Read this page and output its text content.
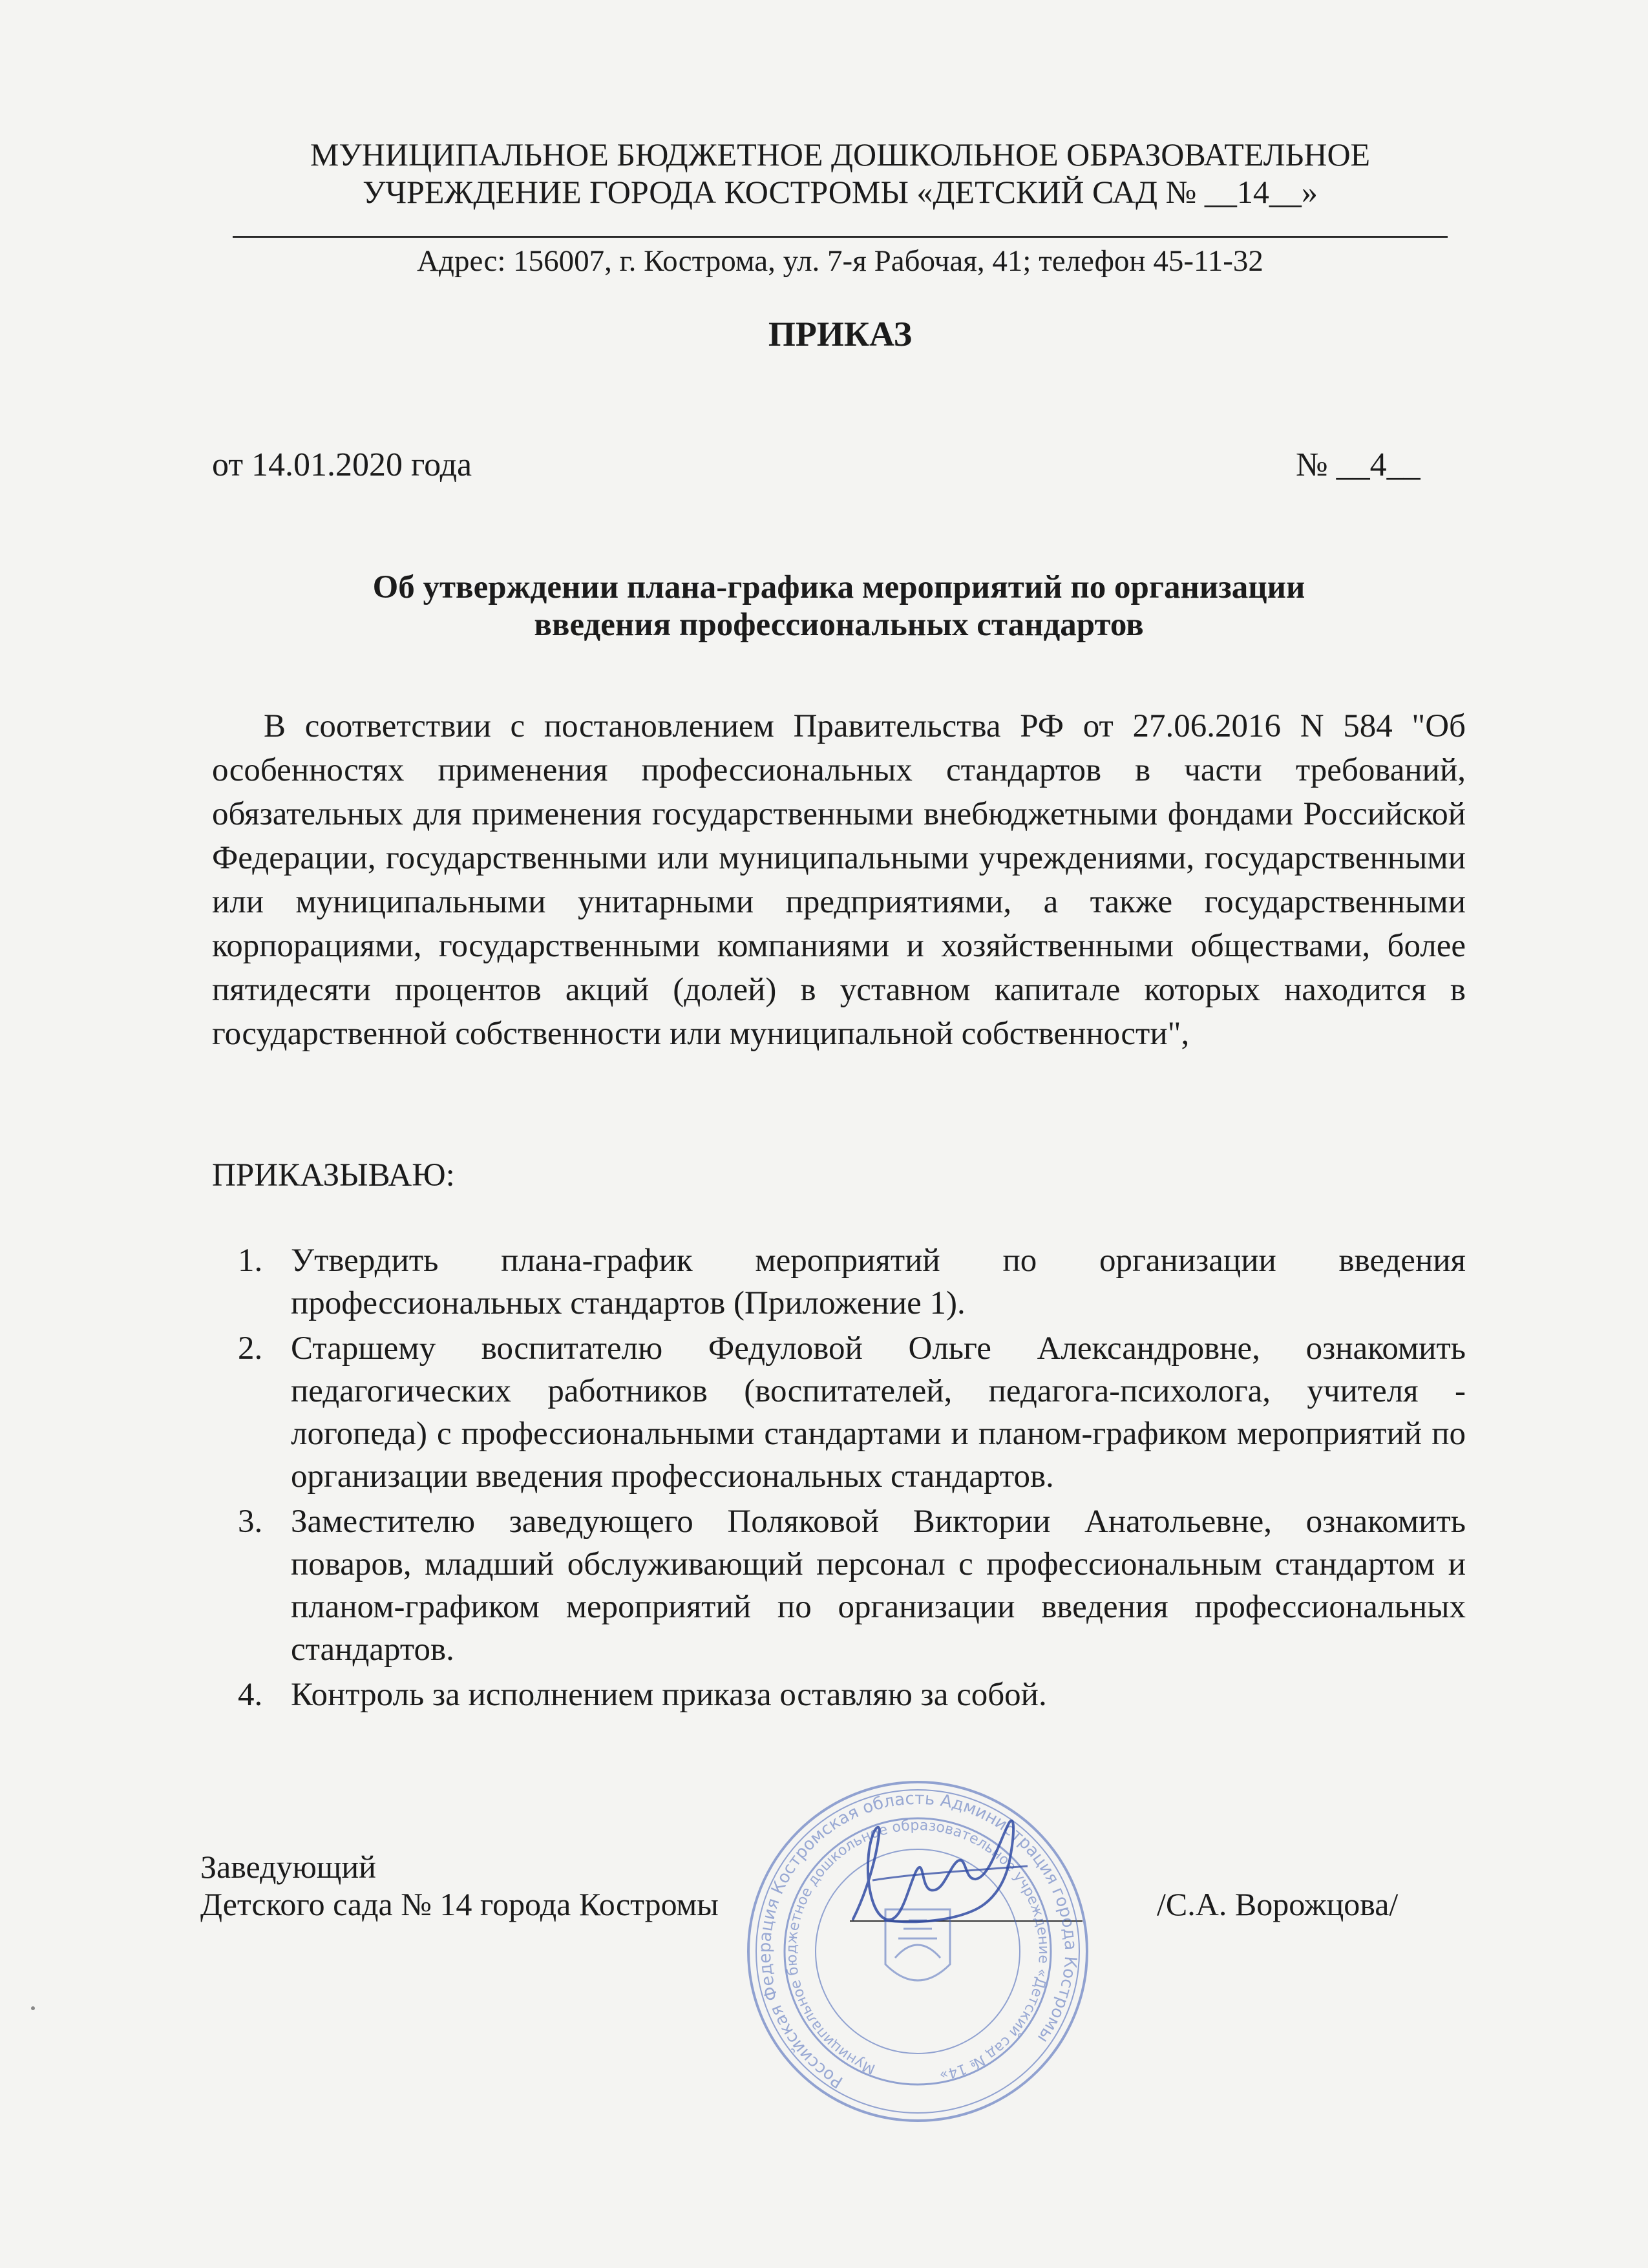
МУНИЦИПАЛЬНОЕ БЮДЖЕТНОЕ ДОШКОЛЬНОЕ ОБРАЗОВАТЕЛЬНОЕ
УЧРЕЖДЕНИЕ ГОРОДА КОСТРОМЫ «ДЕТСКИЙ САД № __14__»
Адрес: 156007, г. Кострома, ул. 7-я Рабочая, 41; телефон 45-11-32
ПРИКАЗ
от 14.01.2020 года	№ __4__
Об утверждении плана-графика мероприятий по организации
введения профессиональных стандартов
В соответствии с постановлением Правительства РФ от 27.06.2016 N 584 "Об особенностях применения профессиональных стандартов в части требований, обязательных для применения государственными внебюджетными фондами Российской Федерации, государственными или муниципальными учреждениями, государственными или муниципальными унитарными предприятиями, а также государственными корпорациями, государственными компаниями и хозяйственными обществами, более пятидесяти процентов акций (долей) в уставном капитале которых находится в государственной собственности или муниципальной собственности",
ПРИКАЗЫВАЮ:
1. Утвердить плана-график мероприятий по организации введения профессиональных стандартов (Приложение 1).
2. Старшему воспитателю Федуловой Ольге Александровне, ознакомить педагогических работников (воспитателей, педагога-психолога, учителя - логопеда) с профессиональными стандартами и планом-графиком мероприятий по организации введения профессиональных стандартов.
3. Заместителю заведующего Поляковой Виктории Анатольевне, ознакомить поваров, младший обслуживающий персонал с профессиональным стандартом и планом-графиком мероприятий по организации введения профессиональных стандартов.
4. Контроль за исполнением приказа оставляю за собой.
Заведующий
Детского сада № 14 города Костромы	/С.А. Ворожцова/
Российская Федерация Костромская область Администрация города Костромы
Муниципальное бюджетное дошкольное образовательное учреждение «Детский сад № 14»
